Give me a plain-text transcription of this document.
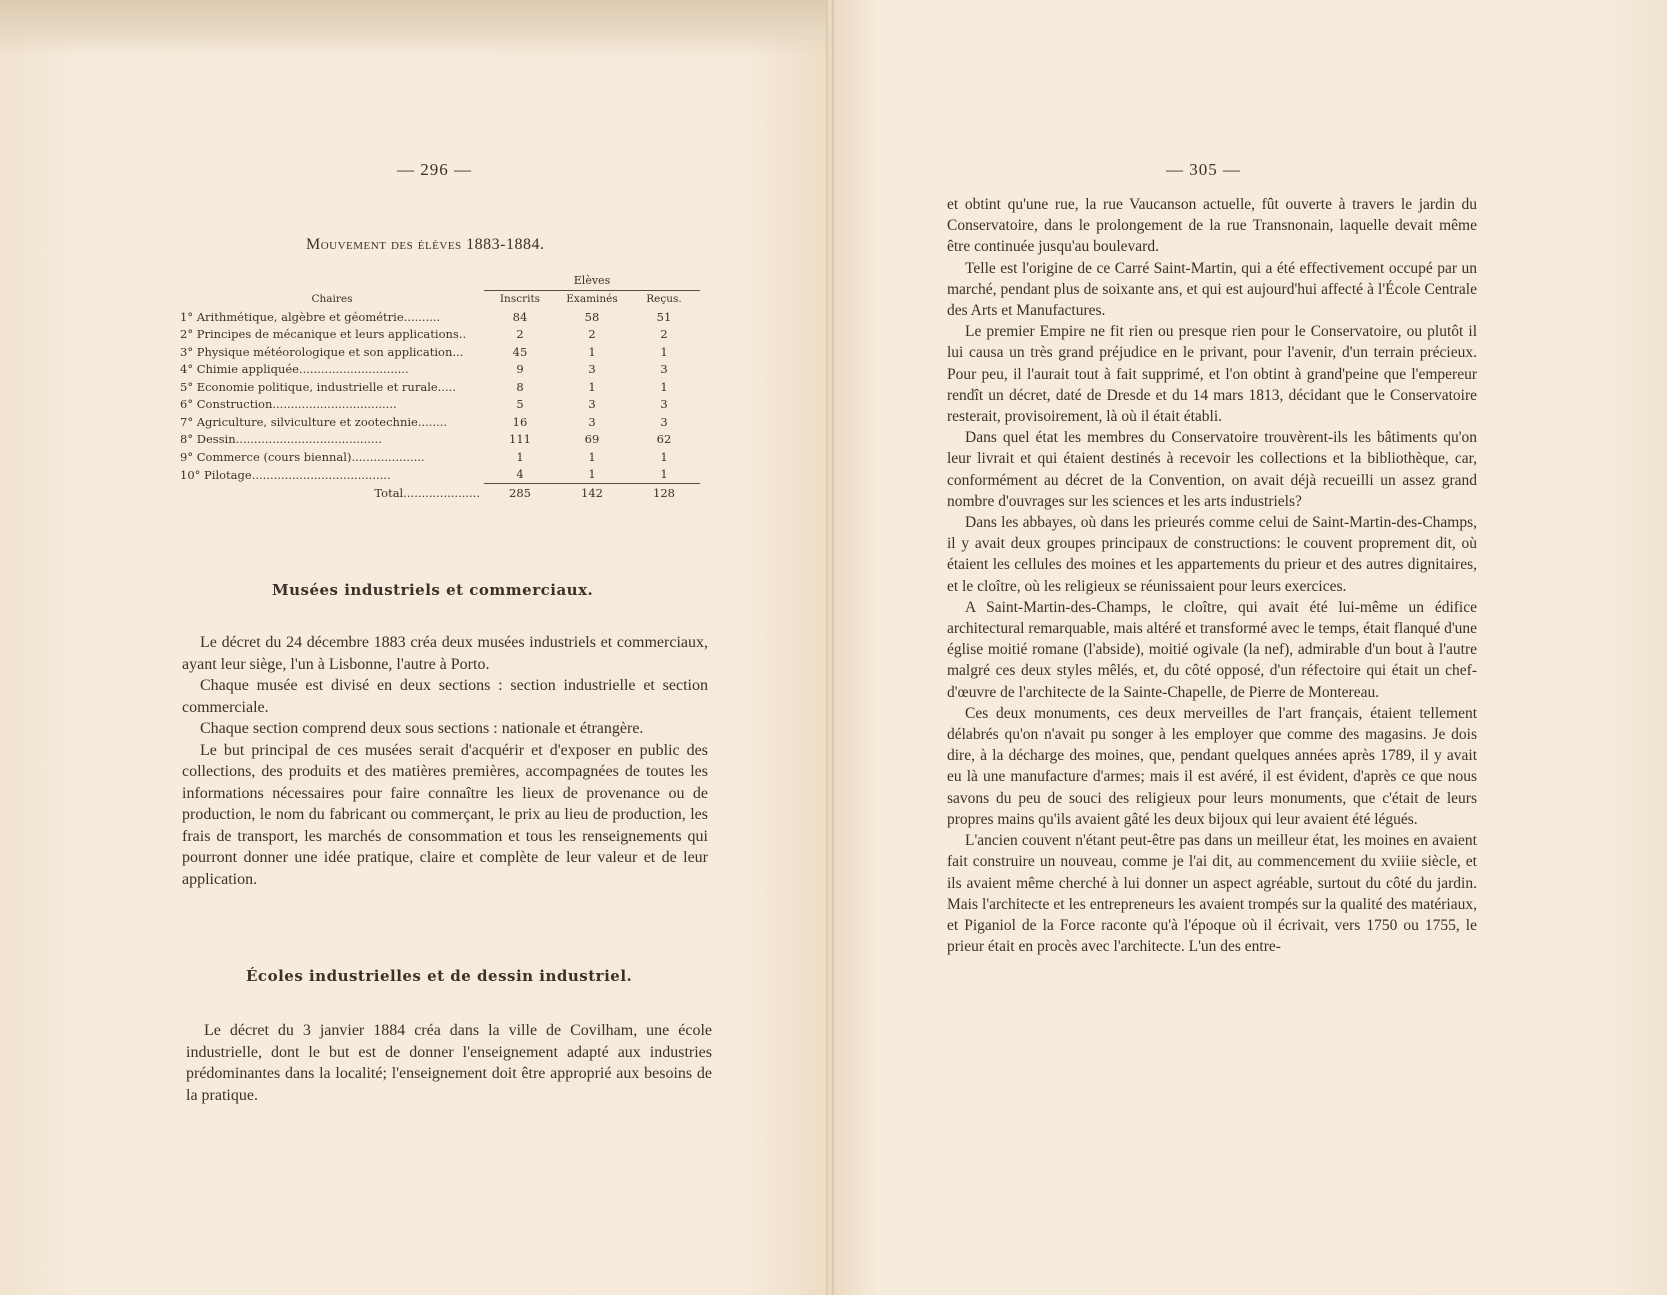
— 296 —
Mouvement des élèves 1883-1884.
	Elèves		
Chaires	Inscrits	Examinés	Reçus.
1° Arithmétique, algèbre et géométrie..........	84	58	51
2° Principes de mécanique et leurs applications..	2	2	2
3° Physique météorologique et son application...	45	1	1
4° Chimie appliquée..............................	9	3	3
5° Economie politique, industrielle et rurale.....	8	1	1
6° Construction..................................	5	3	3
7° Agriculture, silviculture et zootechnie........	16	3	3
8° Dessin........................................	111	69	62
9° Commerce (cours biennal)....................	1	1	1
10° Pilotage......................................	4	1	1
Total.....................	285	142	128
Musées industriels et commerciaux.

Le décret du 24 décembre 1883 créa deux musées industriels et commerciaux, ayant leur siège, l'un à Lisbonne, l'autre à Porto.

Chaque musée est divisé en deux sections : section industrielle et section commerciale.

Chaque section comprend deux sous sections : nationale et étrangère.

Le but principal de ces musées serait d'acquérir et d'exposer en public des collections, des produits et des matières premières, accompagnées de toutes les informations nécessaires pour faire connaître les lieux de provenance ou de production, le nom du fabricant ou commerçant, le prix au lieu de production, les frais de transport, les marchés de consommation et tous les renseignements qui pourront donner une idée pratique, claire et complète de leur valeur et de leur application.

Écoles industrielles et de dessin industriel.

Le décret du 3 janvier 1884 créa dans la ville de Covilham, une école industrielle, dont le but est de donner l'enseignement adapté aux industries prédominantes dans la localité; l'enseignement doit être approprié aux besoins de la pratique.

— 305 —

et obtint qu'une rue, la rue Vaucanson actuelle, fût ouverte à travers le jardin du Conservatoire, dans le prolongement de la rue Transnonain, laquelle devait même être continuée jusqu'au boulevard.

Telle est l'origine de ce Carré Saint-Martin, qui a été effectivement occupé par un marché, pendant plus de soixante ans, et qui est aujourd'hui affecté à l'École Centrale des Arts et Manufactures.

Le premier Empire ne fit rien ou presque rien pour le Conservatoire, ou plutôt il lui causa un très grand préjudice en le privant, pour l'avenir, d'un terrain précieux. Pour peu, il l'aurait tout à fait supprimé, et l'on obtint à grand'peine que l'empereur rendît un décret, daté de Dresde et du 14 mars 1813, décidant que le Conservatoire resterait, provisoirement, là où il était établi.

Dans quel état les membres du Conservatoire trouvèrent-ils les bâtiments qu'on leur livrait et qui étaient destinés à recevoir les collections et la bibliothèque, car, conformément au décret de la Convention, on avait déjà recueilli un assez grand nombre d'ouvrages sur les sciences et les arts industriels?

Dans les abbayes, où dans les prieurés comme celui de Saint-Martin-des-Champs, il y avait deux groupes principaux de constructions: le couvent proprement dit, où étaient les cellules des moines et les appartements du prieur et des autres dignitaires, et le cloître, où les religieux se réunissaient pour leurs exercices.

A Saint-Martin-des-Champs, le cloître, qui avait été lui-même un édifice architectural remarquable, mais altéré et transformé avec le temps, était flanqué d'une église moitié romane (l'abside), moitié ogivale (la nef), admirable d'un bout à l'autre malgré ces deux styles mêlés, et, du côté opposé, d'un réfectoire qui était un chef-d'œuvre de l'architecte de la Sainte-Chapelle, de Pierre de Montereau.

Ces deux monuments, ces deux merveilles de l'art français, étaient tellement délabrés qu'on n'avait pu songer à les employer que comme des magasins. Je dois dire, à la décharge des moines, que, pendant quelques années après 1789, il y avait eu là une manufacture d'armes; mais il est avéré, il est évident, d'après ce que nous savons du peu de souci des religieux pour leurs monuments, que c'était de leurs propres mains qu'ils avaient gâté les deux bijoux qui leur avaient été légués.

L'ancien couvent n'étant peut-être pas dans un meilleur état, les moines en avaient fait construire un nouveau, comme je l'ai dit, au commencement du xviiie siècle, et ils avaient même cherché à lui donner un aspect agréable, surtout du côté du jardin. Mais l'architecte et les entrepreneurs les avaient trompés sur la qualité des matériaux, et Piganiol de la Force raconte qu'à l'époque où il écrivait, vers 1750 ou 1755, le prieur était en procès avec l'architecte. L'un des entre-
